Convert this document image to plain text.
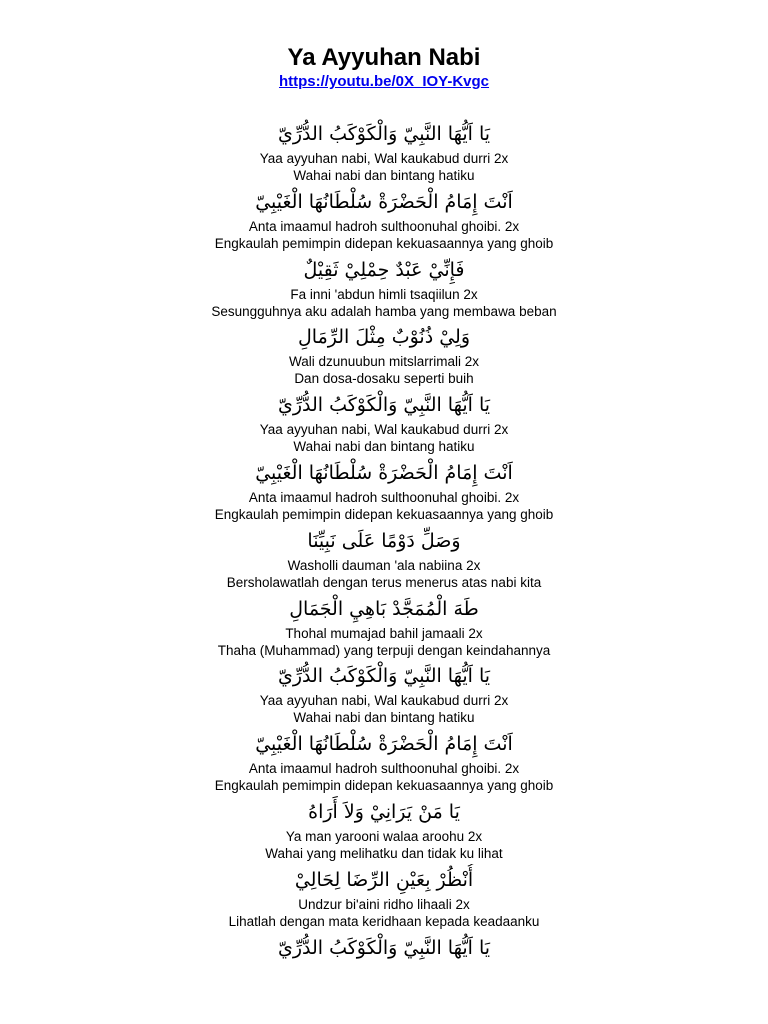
Ya Ayyuhan Nabi
https://youtu.be/0X_IOY-Kvgc
يَا اَيُّهَا النَّبِيّ وَالْكَوْكَبُ الدُّرِّيّ
Yaa ayyuhan nabi, Wal kaukabud durri 2x
Wahai nabi dan bintang hatiku
اَنْتَ إِمَامُ الْحَضْرَةْ سُلْطَانُهَا الْغَيْبِيّ
Anta imaamul hadroh sulthoonuhal ghoibi. 2x
Engkaulah pemimpin didepan kekuasaannya yang ghoib
فَإِنِّيْ عَبْدٌ حِمْلِيْ ثَقِيْلٌ
Fa inni 'abdun himli tsaqiilun 2x
Sesungguhnya aku adalah hamba yang membawa beban
وَلِيْ ذُنُوْبٌ مِثْلَ الرِّمَالِ
Wali dzunuubun mitslarrimali 2x
Dan dosa-dosaku seperti buih
يَا اَيُّهَا النَّبِيّ وَالْكَوْكَبُ الدُّرِّيّ
Yaa ayyuhan nabi, Wal kaukabud durri 2x
Wahai nabi dan bintang hatiku
اَنْتَ إِمَامُ الْحَضْرَةْ سُلْطَانُهَا الْغَيْبِيّ
Anta imaamul hadroh sulthoonuhal ghoibi. 2x
Engkaulah pemimpin didepan kekuasaannya yang ghoib
وَصَلِّ دَوْمًا عَلَى نَبِيِّنَا
Washolli dauman 'ala nabiina 2x
Bersholawatlah dengan terus menerus atas nabi kita
طَهَ الْمُمَجَّدْ بَاهِيِ الْجَمَالِ
Thohal mumajad bahil jamaali 2x
Thaha (Muhammad) yang terpuji dengan keindahannya
يَا اَيُّهَا النَّبِيّ وَالْكَوْكَبُ الدُّرِّيّ
Yaa ayyuhan nabi, Wal kaukabud durri 2x
Wahai nabi dan bintang hatiku
اَنْتَ إِمَامُ الْحَضْرَةْ سُلْطَانُهَا الْغَيْبِيّ
Anta imaamul hadroh sulthoonuhal ghoibi. 2x
Engkaulah pemimpin didepan kekuasaannya yang ghoib
يَا مَنْ يَرَانِيْ وَلاَ أَرَاهُ
Ya man yarooni walaa aroohu 2x
Wahai yang melihatku dan tidak ku lihat
أُنْظُرْ بِعَيْنِ الرِّضَا لِحَالِيْ
Undzur bi'aini ridho lihaali 2x
Lihatlah dengan mata keridhaan kepada keadaanku
يَا اَيُّهَا النَّبِيّ وَالْكَوْكَبُ الدُّرِّيّ
